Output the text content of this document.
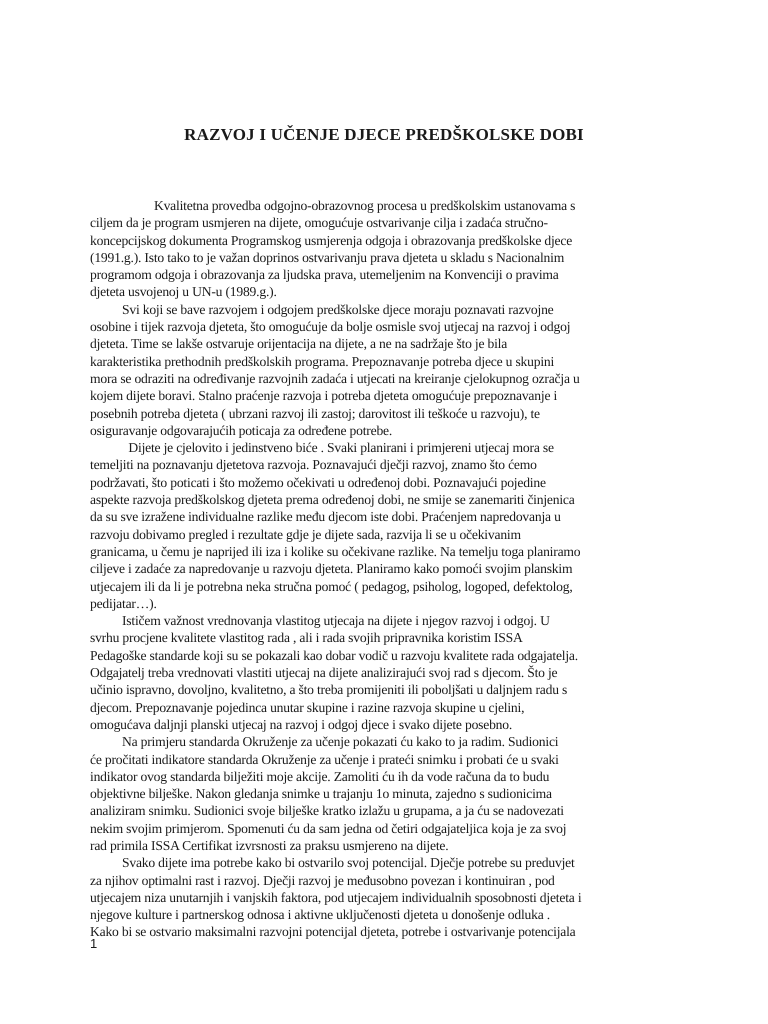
RAZVOJ I UČENJE DJECE PREDŠKOLSKE DOBI

Kvalitetna provedba odgojno-obrazovnog procesa u predškolskim ustanovama s
ciljem da je program usmjeren na dijete, omogućuje ostvarivanje cilja i zadaća stručno-
koncepcijskog dokumenta Programskog usmjerenja odgoja i obrazovanja predškolske djece
(1991.g.). Isto tako to je važan doprinos ostvarivanju prava djeteta u skladu s Nacionalnim
programom odgoja i obrazovanja za ljudska prava, utemeljenim na Konvenciji o pravima
djeteta usvojenoj u UN-u (1989.g.).

Svi koji se bave razvojem i odgojem predškolske djece moraju poznavati razvojne
osobine i tijek razvoja djeteta, što omogućuje da bolje osmisle svoj utjecaj na razvoj i odgoj
djeteta. Time se lakše ostvaruje orijentacija na dijete, a ne na sadržaje što je bila
karakteristika prethodnih predškolskih programa. Prepoznavanje potreba djece u skupini
mora se odraziti na određivanje razvojnih zadaća i utjecati na kreiranje cjelokupnog ozračja u
kojem dijete boravi. Stalno praćenje razvoja i potreba djeteta omogućuje prepoznavanje i
posebnih potreba djeteta ( ubrzani razvoj ili zastoj; darovitost ili teškoće u razvoju), te
osiguravanje odgovarajućih poticaja za određene potrebe.

Dijete je cjelovito i jedinstveno biće . Svaki planirani i primjereni utjecaj mora se
temeljiti na poznavanju djetetova razvoja. Poznavajući dječji razvoj, znamo što ćemo
podržavati, što poticati i što možemo očekivati u određenoj dobi. Poznavajući pojedine
aspekte razvoja predškolskog djeteta prema određenoj dobi, ne smije se zanemariti činjenica
da su sve izražene individualne razlike među djecom iste dobi. Praćenjem napredovanja u
razvoju dobivamo pregled i rezultate gdje je dijete sada, razvija li se u očekivanim
granicama, u čemu je naprijed ili iza i kolike su očekivane razlike. Na temelju toga planiramo
ciljeve i zadaće za napredovanje u razvoju djeteta. Planiramo kako pomoći svojim planskim
utjecajem ili da li je potrebna neka stručna pomoć ( pedagog, psiholog, logoped, defektolog,
pedijatar…).

Ističem važnost vrednovanja vlastitog utjecaja na dijete i njegov razvoj i odgoj. U
svrhu procjene kvalitete vlastitog rada , ali i rada svojih pripravnika koristim ISSA
Pedagoške standarde koji su se pokazali kao dobar vodič u razvoju kvalitete rada odgajatelja.
Odgajatelj treba vrednovati vlastiti utjecaj na dijete analizirajući svoj rad s djecom. Što je
učinio ispravno, dovoljno, kvalitetno, a što treba promijeniti ili poboljšati u daljnjem radu s
djecom. Prepoznavanje pojedinca unutar skupine i razine razvoja skupine u cjelini,
omogućava daljnji planski utjecaj na razvoj i odgoj djece i svako dijete posebno.

Na primjeru standarda Okruženje za učenje pokazati ću kako to ja radim. Sudionici
će pročitati indikatore standarda Okruženje za učenje i prateći snimku i probati će u svaki
indikator ovog standarda bilježiti moje akcije. Zamoliti ću ih da vode računa da to budu
objektivne bilješke. Nakon gledanja snimke u trajanju 1o minuta, zajedno s sudionicima
analiziram snimku. Sudionici svoje bilješke kratko izlažu u grupama, a ja ću se nadovezati
nekim svojim primjerom. Spomenuti ću da sam jedna od četiri odgajateljica koja je za svoj
rad primila ISSA Certifikat izvrsnosti za praksu usmjereno na dijete.

Svako dijete ima potrebe kako bi ostvarilo svoj potencijal. Dječje potrebe su preduvjet
za njihov optimalni rast i razvoj. Dječji razvoj je međusobno povezan i kontinuiran , pod
utjecajem niza unutarnjih i vanjskih faktora, pod utjecajem individualnih sposobnosti djeteta i
njegove kulture i partnerskog odnosa i aktivne uključenosti djeteta u donošenje odluka .
Kako bi se ostvario maksimalni razvojni potencijal djeteta, potrebe i ostvarivanje potencijala

1
